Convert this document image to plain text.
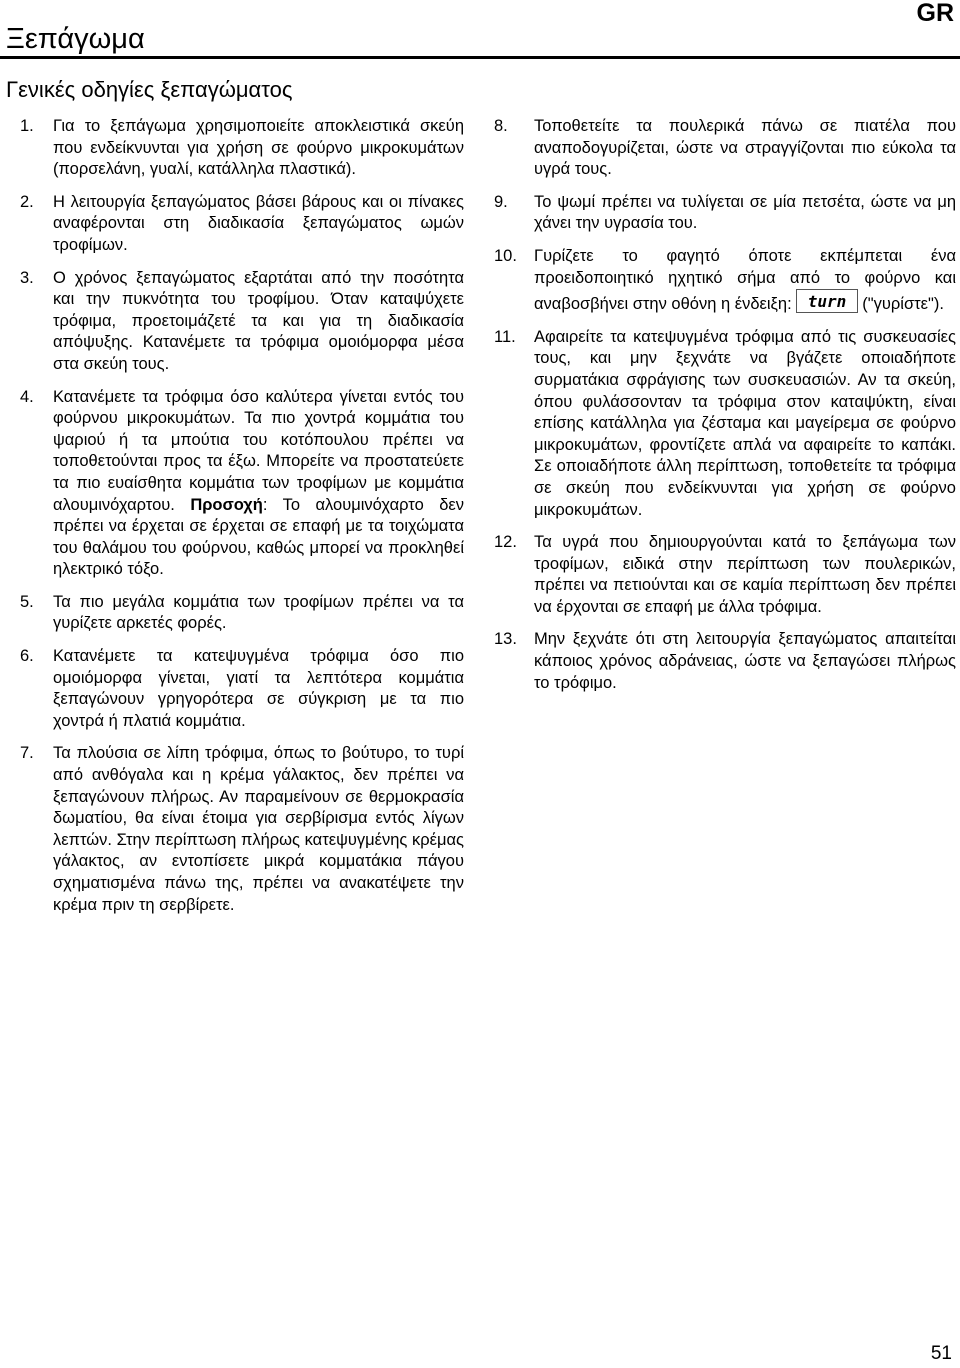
GR
Ξεπάγωμα
Γενικές οδηγίες ξεπαγώματος
1.	Για το ξεπάγωμα χρησιμοποιείτε αποκλειστικά σκεύη που ενδείκνυνται για χρήση σε φούρνο μικροκυμάτων (πορσελάνη, γυαλί, κατάλληλα πλαστικά).
2.	Η λειτουργία ξεπαγώματος βάσει βάρους και οι πίνακες αναφέρονται στη διαδικασία ξεπαγώματος ωμών τροφίμων.
3.	Ο χρόνος ξεπαγώματος εξαρτάται από την ποσότητα και την πυκνότητα του τροφίμου. Όταν καταψύχετε τρόφιμα, προετοιμάζετέ τα και για τη διαδικασία απόψυξης. Κατανέμετε τα τρόφιμα ομοιόμορφα μέσα στα σκεύη τους.
4.	Κατανέμετε τα τρόφιμα όσο καλύτερα γίνεται εντός του φούρνου μικροκυμάτων. Τα πιο χοντρά κομμάτια του ψαριού ή τα μπούτια του κοτόπουλου πρέπει να τοποθετούνται προς τα έξω. Μπορείτε να προστατεύετε τα πιο ευαίσθητα κομμάτια των τροφίμων με κομμάτια αλουμινόχαρτου. Προσοχή: Το αλουμινόχαρτο δεν πρέπει να έρχεται σε έρχεται σε επαφή με τα τοιχώματα του θαλάμου του φούρνου, καθώς μπορεί να προκληθεί ηλεκτρικό τόξο.
5.	Τα πιο μεγάλα κομμάτια των τροφίμων πρέπει να τα γυρίζετε αρκετές φορές.
6.	Κατανέμετε τα κατεψυγμένα τρόφιμα όσο πιο ομοιόμορφα γίνεται, γιατί τα λεπτότερα κομμάτια ξεπαγώνουν γρηγορότερα σε σύγκριση με τα πιο χοντρά ή πλατιά κομμάτια.
7.	Τα πλούσια σε λίπη τρόφιμα, όπως το βούτυρο, το τυρί από ανθόγαλα και η κρέμα γάλακτος, δεν πρέπει να ξεπαγώνουν πλήρως. Αν παραμείνουν σε θερμοκρασία δωματίου, θα είναι έτοιμα για σερβίρισμα εντός λίγων λεπτών. Στην περίπτωση πλήρως κατεψυγμένης κρέμας γάλακτος, αν εντοπίσετε μικρά κομματάκια πάγου σχηματισμένα πάνω της, πρέπει να ανακατέψετε την κρέμα πριν τη σερβίρετε.
8.	Τοποθετείτε τα πουλερικά πάνω σε πιατέλα που αναποδογυρίζεται, ώστε να στραγγίζονται πιο εύκολα τα υγρά τους.
9.	Το ψωμί πρέπει να τυλίγεται σε μία πετσέτα, ώστε να μη χάνει την υγρασία του.
10.	Γυρίζετε το φαγητό όποτε εκπέμπεται ένα προειδοποιητικό ηχητικό σήμα από το φούρνο και αναβοσβήνει στην οθόνη η ένδειξη: turn ("γυρίστε").
11.	Αφαιρείτε τα κατεψυγμένα τρόφιμα από τις συσκευασίες τους, και μην ξεχνάτε να βγάζετε οποιαδήποτε συρματάκια σφράγισης των συσκευασιών. Αν τα σκεύη, όπου φυλάσσονταν τα τρόφιμα στον καταψύκτη, είναι επίσης κατάλληλα για ζέσταμα και μαγείρεμα σε φούρνο μικροκυμάτων, φροντίζετε απλά να αφαιρείτε το καπάκι. Σε οποιαδήποτε άλλη περίπτωση, τοποθετείτε τα τρόφιμα σε σκεύη που ενδείκνυνται για χρήση σε φούρνο μικροκυμάτων.
12.	Τα υγρά που δημιουργούνται κατά το ξεπάγωμα των τροφίμων, ειδικά στην περίπτωση των πουλερικών, πρέπει να πετιούνται και σε καμία περίπτωση δεν πρέπει να έρχονται σε επαφή με άλλα τρόφιμα.
13.	Μην ξεχνάτε ότι στη λειτουργία ξεπαγώματος απαιτείται κάποιος χρόνος αδράνειας, ώστε να ξεπαγώσει πλήρως το τρόφιμο.
51
